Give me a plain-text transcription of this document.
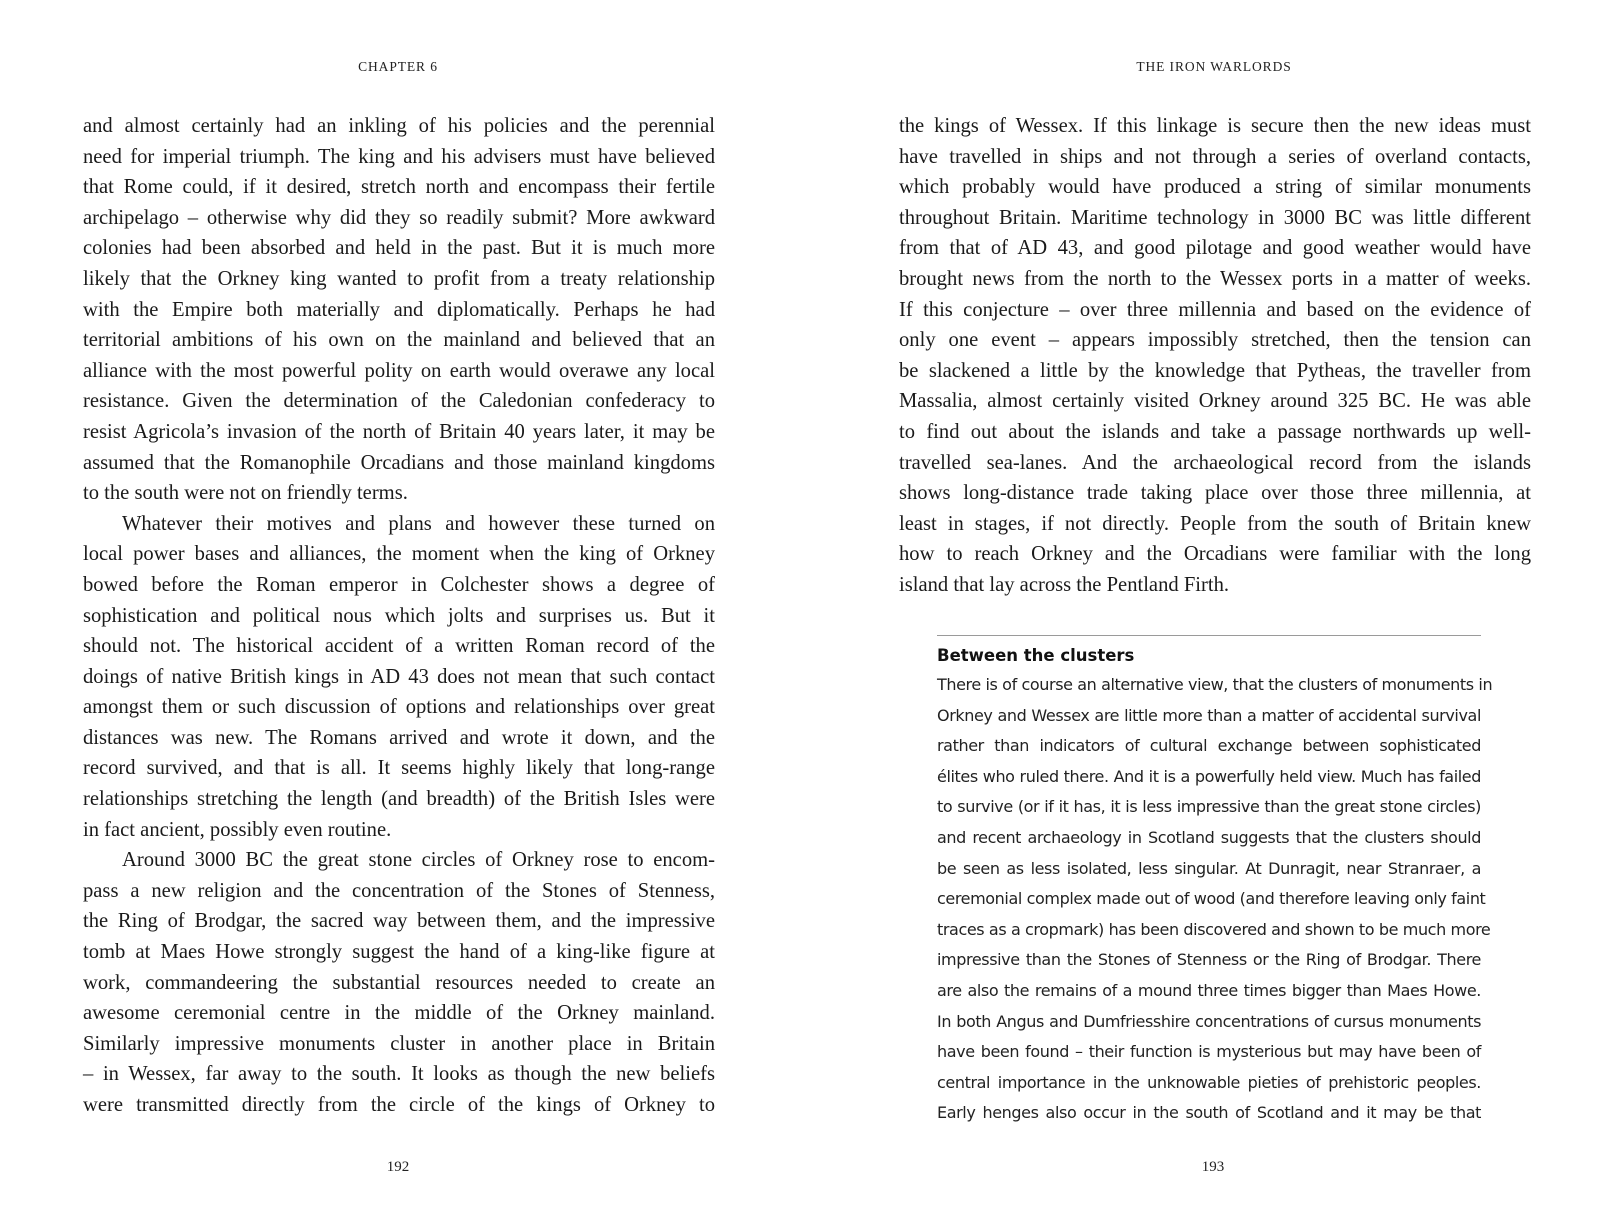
CHAPTER 6
and almost certainly had an inkling of his policies and the perennial
need for imperial triumph. The king and his advisers must have believed
that Rome could, if it desired, stretch north and encompass their fertile
archipelago – otherwise why did they so readily submit? More awkward
colonies had been absorbed and held in the past. But it is much more
likely that the Orkney king wanted to profit from a treaty relationship
with the Empire both materially and diplomatically. Perhaps he had
territorial ambitions of his own on the mainland and believed that an
alliance with the most powerful polity on earth would overawe any local
resistance. Given the determination of the Caledonian confederacy to
resist Agricola’s invasion of the north of Britain 40 years later, it may be
assumed that the Romanophile Orcadians and those mainland kingdoms
to the south were not on friendly terms.
Whatever their motives and plans and however these turned on
local power bases and alliances, the moment when the king of Orkney
bowed before the Roman emperor in Colchester shows a degree of
sophistication and political nous which jolts and surprises us. But it
should not. The historical accident of a written Roman record of the
doings of native British kings in AD 43 does not mean that such contact
amongst them or such discussion of options and relationships over great
distances was new. The Romans arrived and wrote it down, and the
record survived, and that is all. It seems highly likely that long-range
relationships stretching the length (and breadth) of the British Isles were
in fact ancient, possibly even routine.
Around 3000 BC the great stone circles of Orkney rose to encom-
pass a new religion and the concentration of the Stones of Stenness,
the Ring of Brodgar, the sacred way between them, and the impressive
tomb at Maes Howe strongly suggest the hand of a king-like figure at
work, commandeering the substantial resources needed to create an
awesome ceremonial centre in the middle of the Orkney mainland.
Similarly impressive monuments cluster in another place in Britain
– in Wessex, far away to the south. It looks as though the new beliefs
were transmitted directly from the circle of the kings of Orkney to
192
THE IRON WARLORDS
the kings of Wessex. If this linkage is secure then the new ideas must
have travelled in ships and not through a series of overland contacts,
which probably would have produced a string of similar monuments
throughout Britain. Maritime technology in 3000 BC was little different
from that of AD 43, and good pilotage and good weather would have
brought news from the north to the Wessex ports in a matter of weeks.
If this conjecture – over three millennia and based on the evidence of
only one event – appears impossibly stretched, then the tension can
be slackened a little by the knowledge that Pytheas, the traveller from
Massalia, almost certainly visited Orkney around 325 BC. He was able
to find out about the islands and take a passage northwards up well-
travelled sea-lanes. And the archaeological record from the islands
shows long-distance trade taking place over those three millennia, at
least in stages, if not directly. People from the south of Britain knew
how to reach Orkney and the Orcadians were familiar with the long
island that lay across the Pentland Firth.
Between the clusters
There is of course an alternative view, that the clusters of monuments in
Orkney and Wessex are little more than a matter of accidental survival
rather than indicators of cultural exchange between sophisticated
élites who ruled there. And it is a powerfully held view. Much has failed
to survive (or if it has, it is less impressive than the great stone circles)
and recent archaeology in Scotland suggests that the clusters should
be seen as less isolated, less singular. At Dunragit, near Stranraer, a
ceremonial complex made out of wood (and therefore leaving only faint
traces as a cropmark) has been discovered and shown to be much more
impressive than the Stones of Stenness or the Ring of Brodgar. There
are also the remains of a mound three times bigger than Maes Howe.
In both Angus and Dumfriesshire concentrations of cursus monuments
have been found – their function is mysterious but may have been of
central importance in the unknowable pieties of prehistoric peoples.
Early henges also occur in the south of Scotland and it may be that
193
